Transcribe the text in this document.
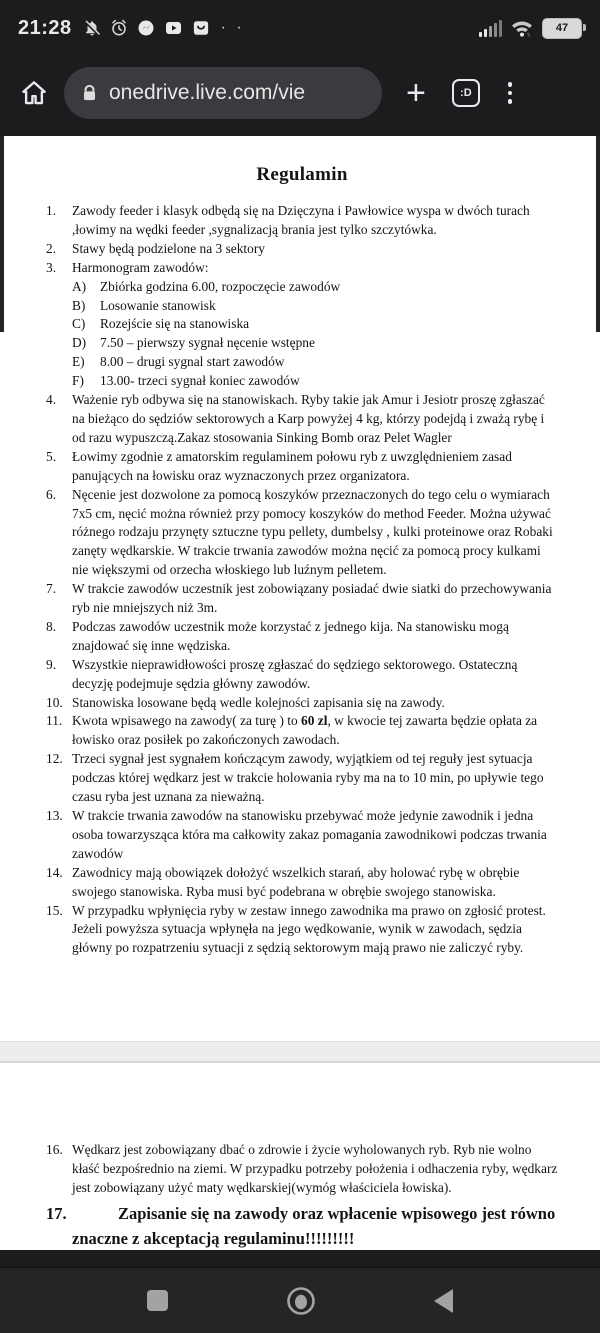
21:28	· ·	47
onedrive.live.com/vie	+	:D
Regulamin
1. Zawody feeder i klasyk odbędą się na Dzięczyna i Pawłowice wyspa w dwóch turach ,łowimy na wędki feeder ,sygnalizacją brania jest tylko szczytówka.
2. Stawy będą podzielone na 3 sektory
3. Harmonogram zawodów:
A) Zbiórka godzina 6.00, rozpoczęcie zawodów
B) Losowanie stanowisk
C) Rozejście się na stanowiska
D) 7.50 – pierwszy sygnał nęcenie wstępne
E) 8.00 – drugi sygnal start zawodów
F) 13.00- trzeci sygnał koniec zawodów
4. Ważenie ryb odbywa się na stanowiskach. Ryby takie jak Amur i Jesiotr proszę zgłaszać na bieżąco do sędziów sektorowych a Karp powyżej 4 kg, którzy podejdą i zważą rybę i od razu wypuszczą.Zakaz stosowania Sinking Bomb oraz Pelet Wagler
5. Łowimy zgodnie z amatorskim regulaminem połowu ryb z uwzględnieniem zasad panujących na łowisku oraz wyznaczonych przez organizatora.
6. Nęcenie jest dozwolone za pomocą koszyków przeznaczonych do tego celu o wymiarach 7x5 cm, nęcić można również przy pomocy koszyków do method Feeder. Można używać różnego rodzaju przynęty sztuczne typu pellety, dumbelsy , kulki proteinowe oraz Robaki zanęty wędkarskie. W trakcie trwania zawodów można nęcić za pomocą procy kulkami nie większymi od orzecha włoskiego lub luźnym pelletem.
7. W trakcie zawodów uczestnik jest zobowiązany posiadać dwie siatki do przechowywania ryb nie mniejszych niż 3m.
8. Podczas zawodów uczestnik może korzystać z jednego kija. Na stanowisku mogą znajdować się inne wędziska.
9. Wszystkie nieprawidłowości proszę zgłaszać do sędziego sektorowego. Ostateczną decyzję podejmuje sędzia główny zawodów.
10. Stanowiska losowane będą wedle kolejności zapisania się na zawody.
11. Kwota wpisawego na zawody( za turę ) to 60 zl, w kwocie tej zawarta będzie opłata za łowisko oraz posiłek po zakończonych zawodach.
12. Trzeci sygnał jest sygnałem kończącym zawody, wyjątkiem od tej reguły jest sytuacja podczas której wędkarz jest w trakcie holowania ryby ma na to 10 min, po upływie tego czasu ryba jest uznana za nieważną.
13. W trakcie trwania zawodów na stanowisku przebywać może jedynie zawodnik i jedna osoba towarzysząca która ma całkowity zakaz pomagania zawodnikowi podczas trwania zawodów
14. Zawodnicy mają obowiązek dołożyć wszelkich starań, aby holować rybę w obrębie swojego stanowiska. Ryba musi być podebrana w obrębie swojego stanowiska.
15. W przypadku wpłynięcia ryby w zestaw innego zawodnika ma prawo on zgłosić protest. Jeżeli powyższa sytuacja wpłynęła na jego wędkowanie, wynik w zawodach, sędzia główny po rozpatrzeniu sytuacji z sędzią sektorowym mają prawo nie zaliczyć ryby.
16. Wędkarz jest zobowiązany dbać o zdrowie i życie wyholowanych ryb. Ryb nie wolno kłaść bezpośrednio na ziemi. W przypadku potrzeby położenia i odhaczenia ryby, wędkarz jest zobowiązany użyć maty wędkarskiej(wymóg właściciela łowiska).
17.	Zapisanie się na zawody oraz wpłacenie wpisowego jest równo znaczne z akceptacją regulaminu!!!!!!!!!
